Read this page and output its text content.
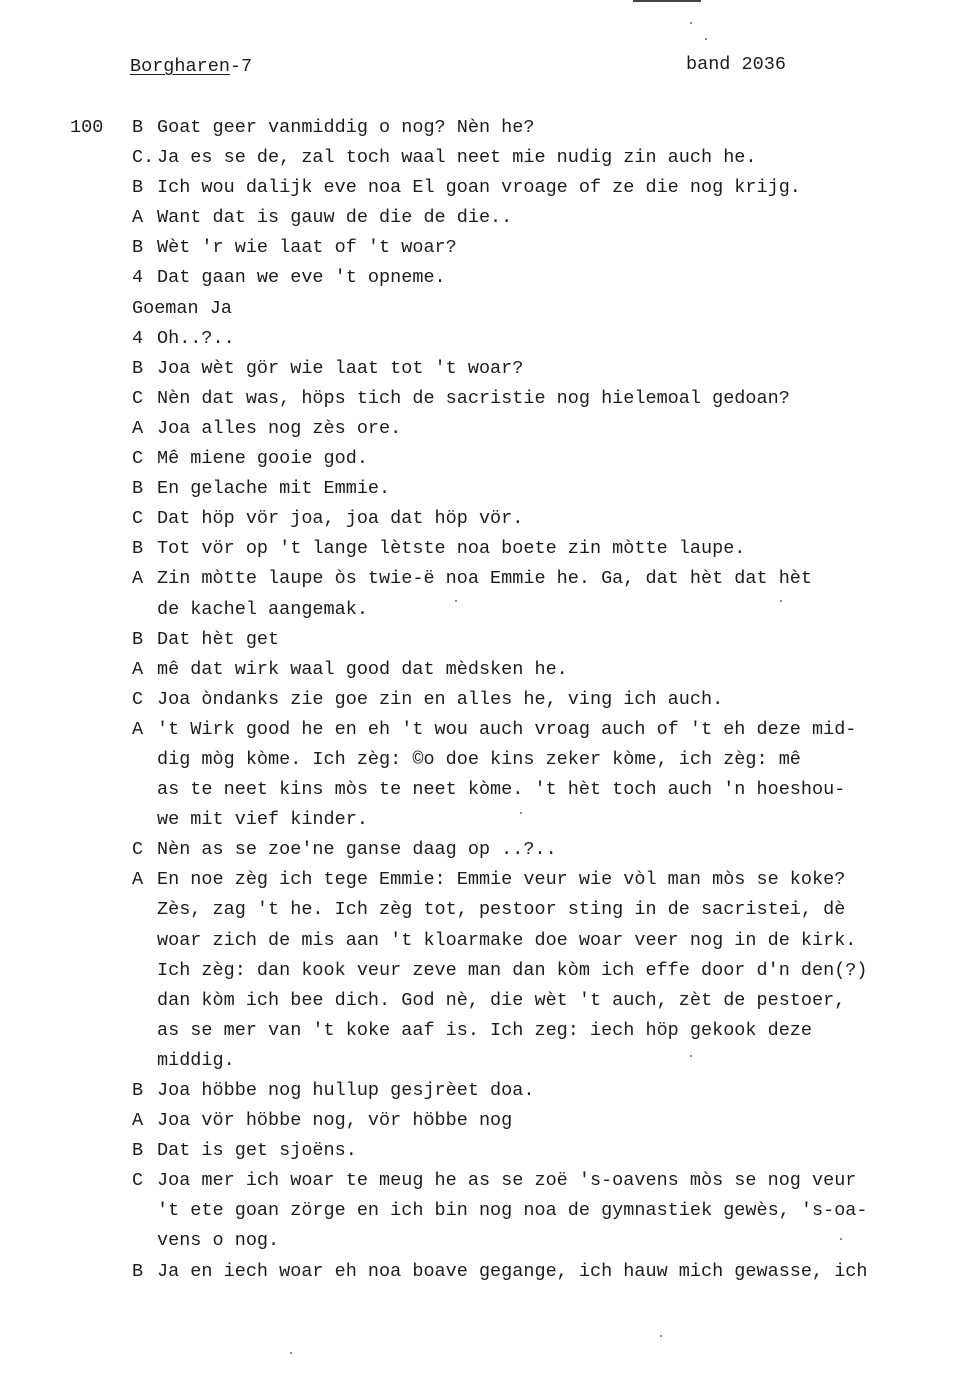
Borgharen-7	band 2036
100 B Goat geer vanmiddig o nog? Nèn he?
C. Ja es se de, zal toch waal neet mie nudig zin auch he.
B Ich wou dalijk eve noa El goan vroage of ze die nog krijg.
A Want dat is gauw de die de die..
B Wèt 'r wie laat of 't woar?
4 Dat gaan we eve 't opneme.
Goeman Ja
4 Oh..?..
B Joa wèt gör wie laat tot 't woar?
C Nèn dat was, höps tich de sacristie nog hielemoal gedoan?
A Joa alles nog zès ore.
C Mê miene gooie god.
B En gelache mit Emmie.
C Dat höp vör joa, joa dat höp vör.
B Tot vör op 't lange lètste noa boete zin mòtte laupe.
A Zin mòtte laupe òs twie-ë noa Emmie he. Ga, dat hèt dat hèt
de kachel aangemak.
B Dat hèt get
A mê dat wirk waal good dat mèdsken he.
C Joa òndanks zie goe zin en alles he, ving ich auch.
A 't Wirk good he en eh 't wou auch vroag auch of 't eh deze mid-
dig mòg kòme. Ich zèg: ©o doe kins zeker kòme, ich zèg: mê
as te neet kins mòs te neet kòme. 't hèt toch auch 'n hoeshou-
we mit vief kinder.
C Nèn as se zoe'ne ganse daag op ..?..
A En noe zèg ich tege Emmie: Emmie veur wie vòl man mòs se koke?
Zès, zag 't he. Ich zèg tot, pestoor sting in de sacristei, dè
woar zich de mis aan 't kloarmake doe woar veer nog in de kirk.
Ich zèg: dan kook veur zeve man dan kòm ich effe door d'n den(?)
dan kòm ich bee dich. God nè, die wèt 't auch, zèt de pestoer,
as se mer van 't koke aaf is. Ich zeg: iech höp gekook deze
middig.
B Joa höbbe nog hullup gesjrèet doa.
A Joa vör höbbe nog, vör höbbe nog
B Dat is get sjoëns.
C Joa mer ich woar te meug he as se zoë 's-oavens mòs se nog veur
't ete goan zörge en ich bin nog noa de gymnastiek gewès, 's-oa-
vens o nog.
B Ja en iech woar eh noa boave gegange, ich hauw mich gewasse, ich
